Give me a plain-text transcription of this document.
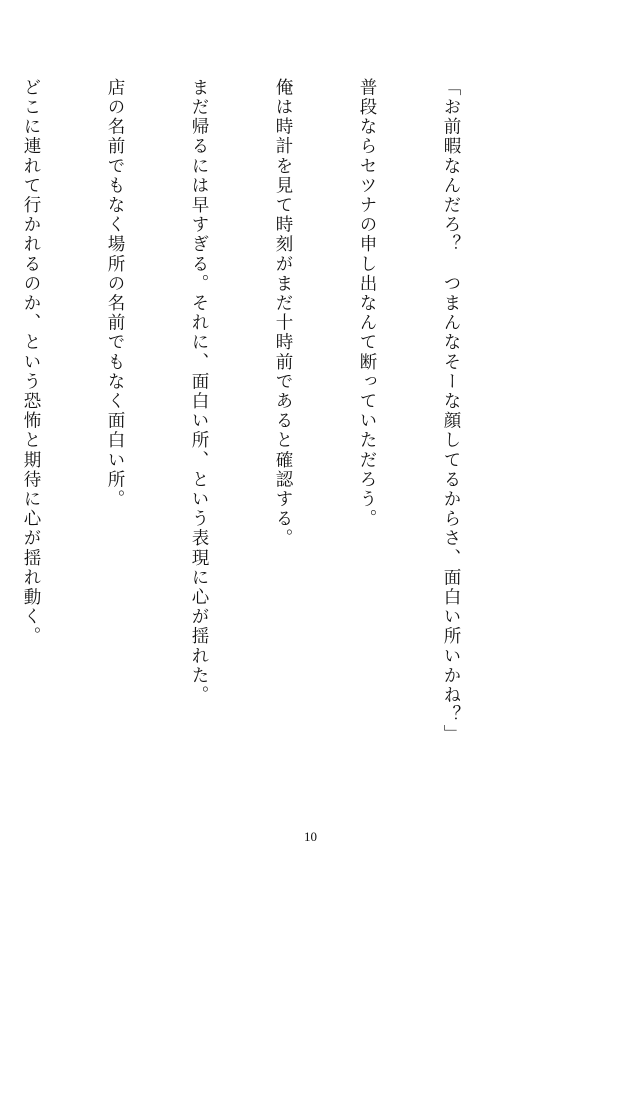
「お前暇なんだろ？　つまんなそーな顔してるからさ、面白い所いかね？」

普段ならセツナの申し出なんて断っていただろう。

俺は時計を見て時刻がまだ十時前であると確認する。

まだ帰るには早すぎる。それに、面白い所、という表現に心が揺れた。

店の名前でもなく場所の名前でもなく面白い所。

どこに連れて行かれるのか、という恐怖と期待に心が揺れ動く。

10
